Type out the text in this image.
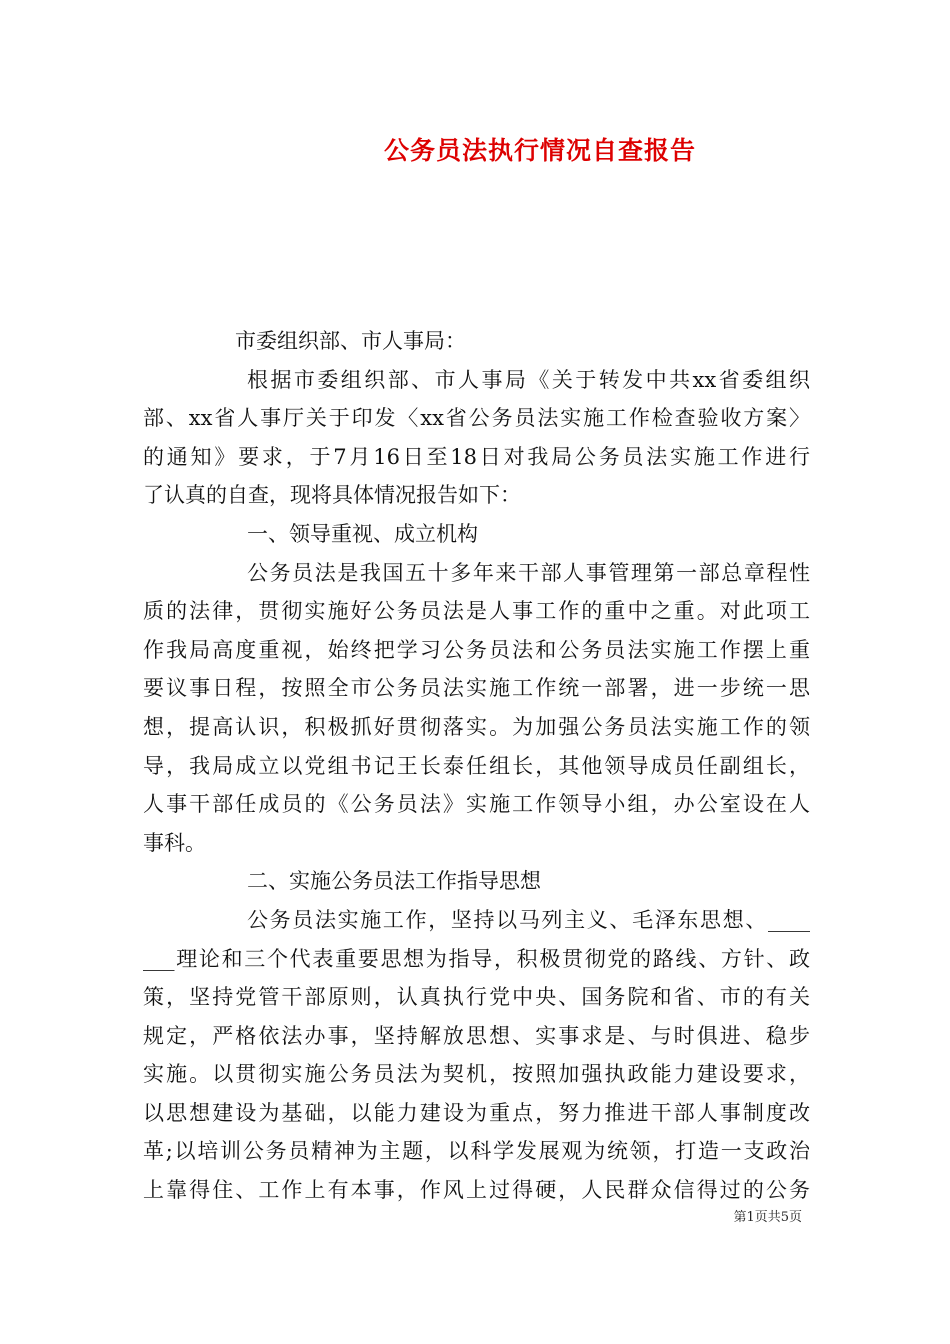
公务员法执行情况自查报告
市委组织部、市人事局：
根据市委组织部、市人事局《关于转发中共xx省委组织
部、xx省人事厅关于印发〈xx省公务员法实施工作检查验收方案〉
的通知》要求，于7月16日至18日对我局公务员法实施工作进行
了认真的自查，现将具体情况报告如下：
一、领导重视、成立机构
公务员法是我国五十多年来干部人事管理第一部总章程性
质的法律，贯彻实施好公务员法是人事工作的重中之重。对此项工
作我局高度重视，始终把学习公务员法和公务员法实施工作摆上重
要议事日程，按照全市公务员法实施工作统一部署，进一步统一思
想，提高认识，积极抓好贯彻落实。为加强公务员法实施工作的领
导，我局成立以党组书记王长泰任组长，其他领导成员任副组长，
人事干部任成员的《公务员法》实施工作领导小组，办公室设在人
事科。
二、实施公务员法工作指导思想
公务员法实施工作，坚持以马列主义、毛泽东思想、____
___理论和三个代表重要思想为指导，积极贯彻党的路线、方针、政
策，坚持党管干部原则，认真执行党中央、国务院和省、市的有关
规定，严格依法办事，坚持解放思想、实事求是、与时俱进、稳步
实施。以贯彻实施公务员法为契机，按照加强执政能力建设要求，
以思想建设为基础，以能力建设为重点，努力推进干部人事制度改
革;以培训公务员精神为主题，以科学发展观为统领，打造一支政治
上靠得住、工作上有本事，作风上过得硬，人民群众信得过的公务
第1页共5页
